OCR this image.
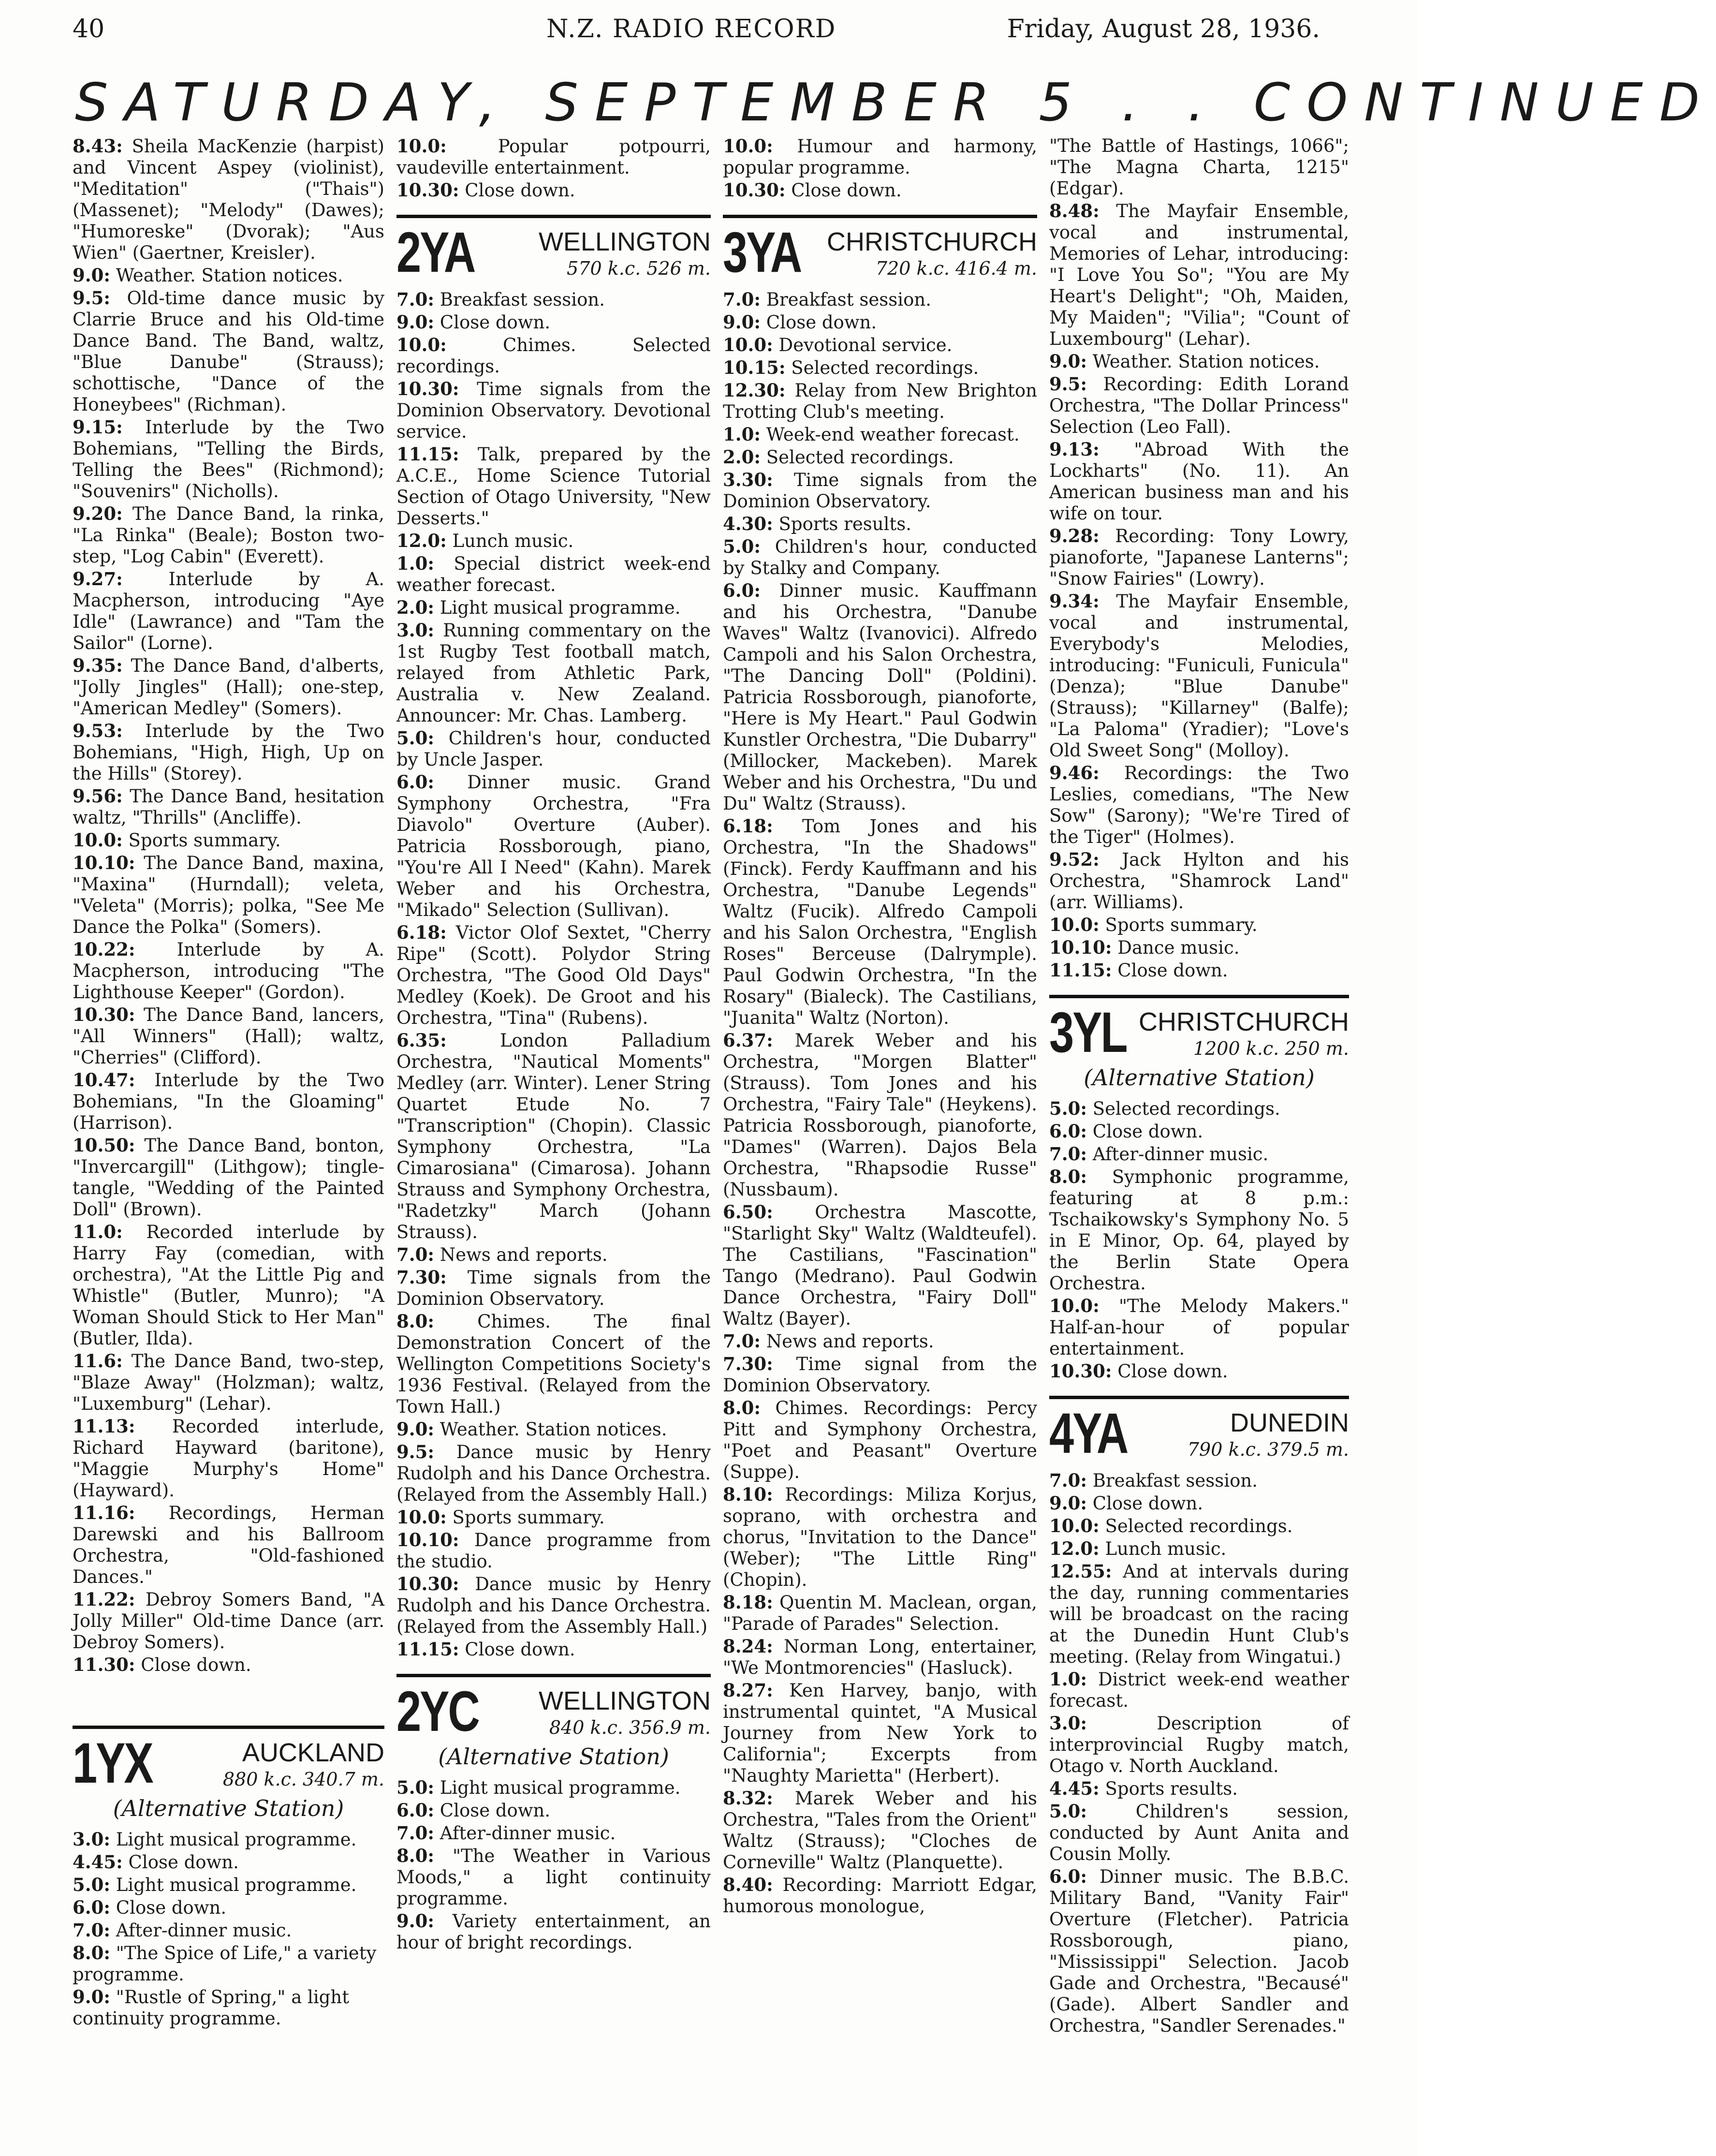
40	N.Z. RADIO RECORD	Friday, August 28, 1936.
SATURDAY, SEPTEMBER 5 . . CONTINUED
8.43: Sheila MacKenzie (harpist) and Vincent Aspey (violinist), "Meditation" ("Thais") (Massenet); "Melody" (Dawes); "Humoreske" (Dvorak); "Aus Wien" (Gaertner, Kreisler).
9.0: Weather. Station notices.
9.5: Old-time dance music by Clarrie Bruce and his Old-time Dance Band. The Band, waltz, "Blue Danube" (Strauss); schottische, "Dance of the Honeybees" (Richman).
9.15: Interlude by the Two Bohemians, "Telling the Birds, Telling the Bees" (Richmond); "Souvenirs" (Nicholls).
9.20: The Dance Band, la rinka, "La Rinka" (Beale); Boston two-step, "Log Cabin" (Everett).
9.27:	Interlude by A. Macpherson, introducing "Aye Idle" (Lawrance) and "Tam the Sailor" (Lorne).
9.35: The Dance Band, d'alberts, "Jolly Jingles" (Hall); one-step, "American Medley" (Somers).
9.53: Interlude by the Two Bohemians, "High, High, Up on the Hills" (Storey).
9.56: The Dance Band, hesitation waltz, "Thrills" (Ancliffe).
10.0: Sports summary.
10.10: The Dance Band, maxina, "Maxina" (Hurndall); veleta, "Veleta" (Morris); polka, "See Me Dance the Polka" (Somers).
10.22: Interlude by A. Macpherson, introducing "The Lighthouse Keeper" (Gordon).
10.30: The Dance Band, lancers, "All Winners" (Hall); waltz, "Cherries" (Clifford).
10.47: Interlude by the Two Bohemians, "In the Gloaming" (Harrison).
10.50: The Dance Band, bonton, "Invercargill" (Lithgow); tingle-tangle, "Wedding of the Painted Doll" (Brown).
11.0: Recorded interlude by Harry Fay (comedian, with orchestra), "At the Little Pig and Whistle" (Butler, Munro); "A Woman Should Stick to Her Man" (Butler, Ilda).
11.6: The Dance Band, two-step, "Blaze Away" (Holzman); waltz, "Luxemburg" (Lehar).
11.13: Recorded interlude, Richard Hayward (baritone), "Maggie Murphy's Home" (Hayward).
11.16: Recordings, Herman Darewski and his Ballroom Orchestra, "Old-fashioned Dances."
11.22: Debroy Somers Band, "A Jolly Miller" Old-time Dance (arr. Debroy Somers).
11.30: Close down.
1YX	AUCKLAND
880 k.c. 340.7 m.
(Alternative Station)
3.0: Light musical programme.
4.45: Close down.
5.0: Light musical programme.
6.0: Close down.
7.0: After-dinner music.
8.0: "The Spice of Life," a variety programme.
9.0: "Rustle of Spring," a light continuity programme.
10.0:	Popular potpourri, vaudeville entertainment.
10.30: Close down.
2YA WELLINGTON
570 k.c. 526 m.
7.0: Breakfast session.
9.0: Close down.
10.0:	Chimes. Selected recordings.
10.30: Time signals from the Dominion Observatory. Devotional service.
11.15: Talk, prepared by the A.C.E., Home Science Tutorial Section of Otago University, "New Desserts."
12.0: Lunch music.
1.0: Special district week-end weather forecast.
2.0: Light musical programme.
3.0: Running commentary on the 1st Rugby Test football match, relayed from Athletic Park, Australia v. New Zealand. Announcer: Mr. Chas. Lamberg.
5.0: Children's hour, conducted by Uncle Jasper.
6.0: Dinner music. Grand Symphony Orchestra, "Fra Diavolo" Overture (Auber). Patricia Rossborough, piano, "You're All I Need" (Kahn). Marek Weber and his Orchestra, "Mikado" Selection (Sullivan).
6.18: Victor Olof Sextet, "Cherry Ripe" (Scott). Polydor String Orchestra, "The Good Old Days" Medley (Koek). De Groot and his Orchestra, "Tina" (Rubens).
6.35:	London Palladium Orchestra, "Nautical Moments" Medley (arr. Winter). Lener String Quartet Etude No. 7 "Transcription" (Chopin). Classic Symphony Orchestra, "La Cimarosiana" (Cimarosa). Johann Strauss and Symphony Orchestra, "Radetzky" March (Johann Strauss).
7.0: News and reports.
7.30: Time signals from the Dominion Observatory.
8.0: Chimes. The final Demonstration Concert of the Wellington Competitions Society's 1936 Festival. (Relayed from the Town Hall.)
9.0: Weather. Station notices.
9.5: Dance music by Henry Rudolph and his Dance Orchestra. (Relayed from the Assembly Hall.)
10.0: Sports summary.
10.10: Dance programme from the studio.
10.30: Dance music by Henry Rudolph and his Dance Orchestra. (Relayed from the Assembly Hall.)
11.15: Close down.
2YC WELLINGTON
840 k.c. 356.9 m.
(Alternative Station)
5.0: Light musical programme.
6.0: Close down.
7.0: After-dinner music.
8.0: "The Weather in Various Moods," a light continuity programme.
9.0: Variety entertainment, an hour of bright recordings.
10.0: Humour and harmony, popular programme.
10.30: Close down.
3YA CHRISTCHURCH
720 k.c. 416.4 m.
7.0: Breakfast session.
9.0: Close down.
10.0: Devotional service.
10.15: Selected recordings.
12.30: Relay from New Brighton Trotting Club's meeting.
1.0: Week-end weather forecast.
2.0: Selected recordings.
3.30: Time signals from the Dominion Observatory.
4.30: Sports results.
5.0: Children's hour, conducted by Stalky and Company.
6.0: Dinner music. Kauffmann and his Orchestra, "Danube Waves" Waltz (Ivanovici). Alfredo Campoli and his Salon Orchestra, "The Dancing Doll" (Poldini). Patricia Rossborough, pianoforte, "Here is My Heart." Paul Godwin Kunstler Orchestra, "Die Dubarry" (Millocker, Mackeben). Marek Weber and his Orchestra, "Du und Du" Waltz (Strauss).
6.18: Tom Jones and his Orchestra, "In the Shadows" (Finck). Ferdy Kauffmann and his Orchestra, "Danube Legends" Waltz (Fucik). Alfredo Campoli and his Salon Orchestra, "English Roses" Berceuse (Dalrymple). Paul Godwin Orchestra, "In the Rosary" (Bialeck). The Castilians, "Juanita" Waltz (Norton).
6.37: Marek Weber and his Orchestra, "Morgen Blatter" (Strauss). Tom Jones and his Orchestra, "Fairy Tale" (Heykens). Patricia Rossborough, pianoforte, "Dames" (Warren). Dajos Bela Orchestra, "Rhapsodie Russe" (Nussbaum).
6.50: Orchestra Mascotte, "Starlight Sky" Waltz (Waldteufel). The Castilians, "Fascination" Tango (Medrano). Paul Godwin Dance Orchestra, "Fairy Doll" Waltz (Bayer).
7.0: News and reports.
7.30: Time signal from the Dominion Observatory.
8.0: Chimes. Recordings: Percy Pitt and Symphony Orchestra, "Poet and Peasant" Overture (Suppe).
8.10: Recordings: Miliza Korjus, soprano, with orchestra and chorus, "Invitation to the Dance" (Weber); "The Little Ring" (Chopin).
8.18: Quentin M. Maclean, organ, "Parade of Parades" Selection.
8.24: Norman Long, entertainer, "We Montmorencies" (Hasluck).
8.27: Ken Harvey, banjo, with instrumental quintet, "A Musical Journey from New York to California"; Excerpts from "Naughty Marietta" (Herbert).
8.32: Marek Weber and his Orchestra, "Tales from the Orient" Waltz (Strauss); "Cloches de Corneville" Waltz (Planquette).
8.40: Recording: Marriott Edgar, humorous monologue,
"The Battle of Hastings, 1066"; "The Magna Charta, 1215" (Edgar).
8.48: The Mayfair Ensemble, vocal and instrumental, Memories of Lehar, introducing: "I Love You So"; "You are My Heart's Delight"; "Oh, Maiden, My Maiden"; "Vilia"; "Count of Luxembourg" (Lehar).
9.0: Weather. Station notices.
9.5: Recording: Edith Lorand Orchestra, "The Dollar Princess" Selection (Leo Fall).
9.13: "Abroad With the Lockharts" (No. 11). An American business man and his wife on tour.
9.28: Recording: Tony Lowry, pianoforte, "Japanese Lanterns"; "Snow Fairies" (Lowry).
9.34: The Mayfair Ensemble, vocal and instrumental, Everybody's Melodies, introducing: "Funiculi, Funicula" (Denza); "Blue Danube" (Strauss); "Killarney" (Balfe); "La Paloma" (Yradier); "Love's Old Sweet Song" (Molloy).
9.46: Recordings: the Two Leslies, comedians, "The New Sow" (Sarony); "We're Tired of the Tiger" (Holmes).
9.52: Jack Hylton and his Orchestra, "Shamrock Land" (arr. Williams).
10.0: Sports summary.
10.10: Dance music.
11.15: Close down.
3YL CHRISTCHURCH
1200 k.c. 250 m.
(Alternative Station)
5.0: Selected recordings.
6.0: Close down.
7.0: After-dinner music.
8.0: Symphonic programme, featuring at 8 p.m.: Tschaikowsky's Symphony No. 5 in E Minor, Op. 64, played by the Berlin State Opera Orchestra.
10.0: "The Melody Makers." Half-an-hour of popular entertainment.
10.30: Close down.
4YA	DUNEDIN
790 k.c. 379.5 m.
7.0: Breakfast session.
9.0: Close down.
10.0: Selected recordings.
12.0: Lunch music.
12.55: And at intervals during the day, running commentaries will be broadcast on the racing at the Dunedin Hunt Club's meeting. (Relay from Wingatui.)
1.0: District week-end weather forecast.
3.0:	Description of interprovincial Rugby match, Otago v. North Auckland.
4.45: Sports results.
5.0:	Children's session, conducted by Aunt Anita and Cousin Molly.
6.0: Dinner music. The B.B.C. Military Band, "Vanity Fair" Overture (Fletcher). Patricia Rossborough, piano, "Mississippi" Selection. Jacob Gade and Orchestra, "Becausé" (Gade). Albert Sandler and Orchestra, "Sandler Serenades."
